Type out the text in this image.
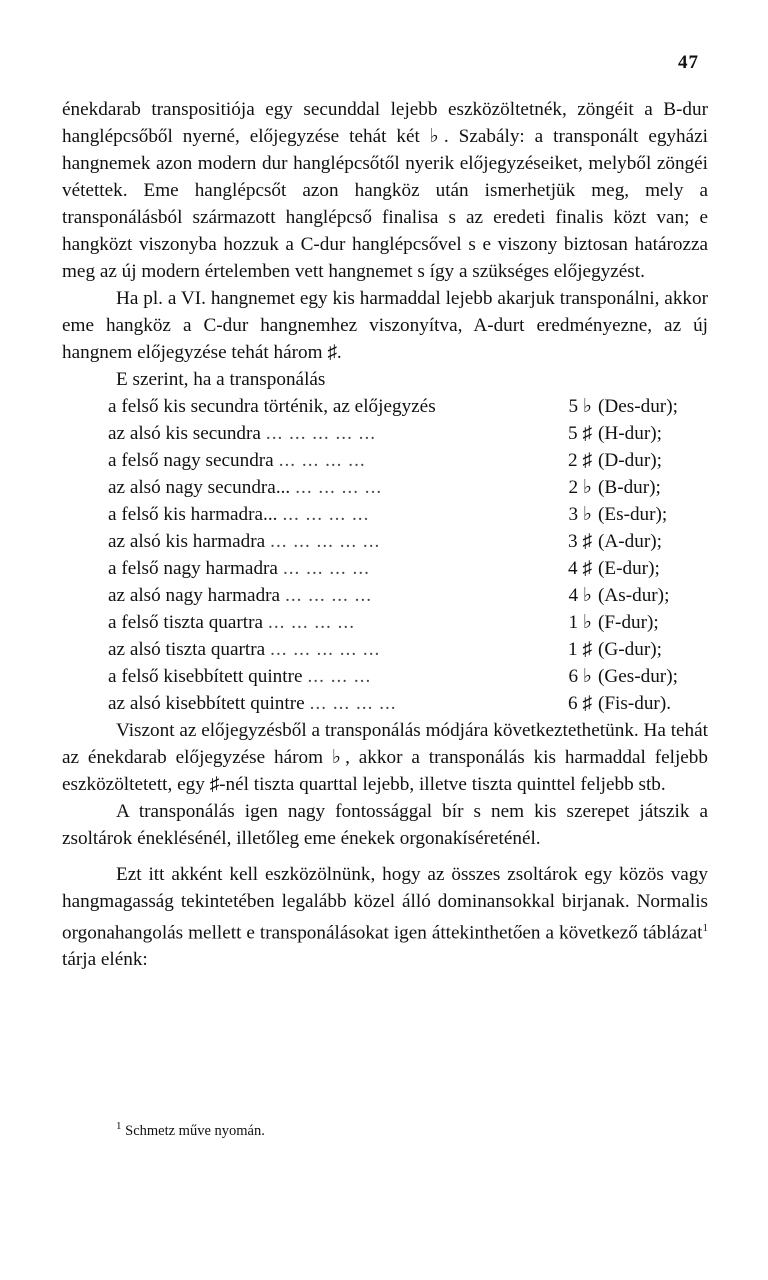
47

énekdarab transpositiója egy secunddal lejebb eszközöltetnék, zöngéit a B-dur hanglépcsőből nyerné, előjegyzése tehát két ♭. Szabály: a transponált egyházi hangnemek azon modern dur hanglépcsőtől nyerik előjegyzéseiket, melyből zöngéi vétettek. Eme hanglépcsőt azon hangköz után ismerhetjük meg, mely a transponálásból származott hanglépcső finalisa s az eredeti finalis közt van; e hangközt viszonyba hozzuk a C-dur hanglépcsővel s e viszony biztosan határozza meg az új modern értelemben vett hangnemet s így a szükséges előjegyzést.

Ha pl. a VI. hangnemet egy kis harmaddal lejebb akarjuk transponálni, akkor eme hangköz a C-dur hangnemhez viszonyítva, A-durt eredményezne, az új hangnem előjegyzése tehát három ♯.

E szerint, ha a transponálás

a felső kis secundra történik, az előjegyzés	5 ♭ (Des-dur);
az alsó kis secundra ... ... ... ... ...	5 ♯ (H-dur);
a felső nagy secundra ... ... ... ...	2 ♯ (D-dur);
az alsó nagy secundra... ... ... ... ...	2 ♭ (B-dur);
a felső kis harmadra... ... ... ... ...	3 ♭ (Es-dur);
az alsó kis harmadra ... ... ... ... ...	3 ♯ (A-dur);
a felső nagy harmadra ... ... ... ...	4 ♯ (E-dur);
az alsó nagy harmadra ... ... ... ...	4 ♭ (As-dur);
a felső tiszta quartra ... ... ... ...	1 ♭ (F-dur);
az alsó tiszta quartra ... ... ... ... ...	1 ♯ (G-dur);
a felső kisebbített quintre ... ... ...	6 ♭ (Ges-dur);
az alsó kisebbített quintre ... ... ... ...	6 ♯ (Fis-dur).

Viszont az előjegyzésből a transponálás módjára következtethetünk. Ha tehát az énekdarab előjegyzése három ♭, akkor a transponálás kis harmaddal feljebb eszközöltetett, egy ♯-nél tiszta quarttal lejebb, illetve tiszta quinttel feljebb stb.

A transponálás igen nagy fontossággal bír s nem kis szerepet játszik a zsoltárok éneklésénél, illetőleg eme énekek orgonakíséreténél.

Ezt itt akként kell eszközölnünk, hogy az összes zsoltárok egy közös vagy hangmagasság tekintetében legalább közel álló dominansokkal birjanak. Normalis orgonahangolás mellett e transponálásokat igen áttekinthetően a következő táblázat$^1$ tárja elénk:

$^1$ Schmetz műve nyomán.
